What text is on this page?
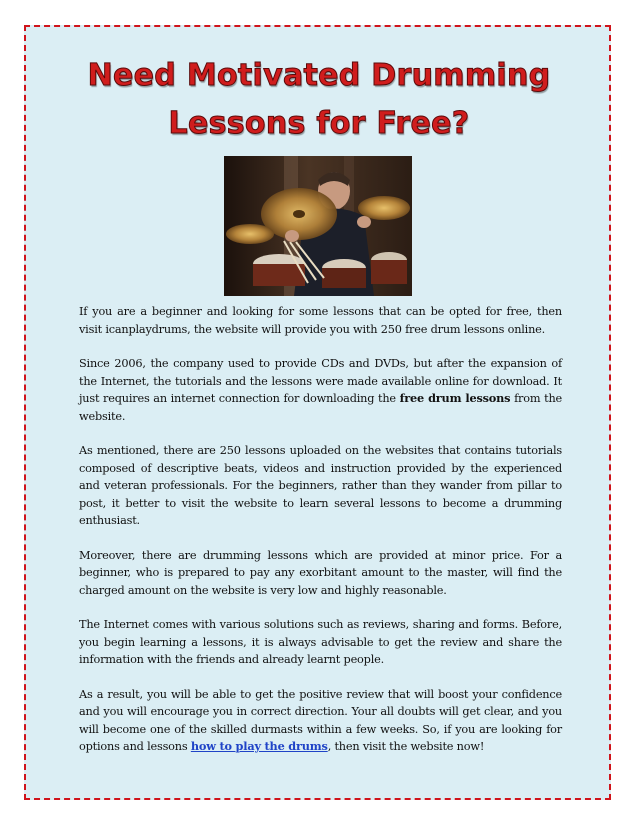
Need Motivated Drumming
Lessons for Free?

If you are a beginner and looking for some lessons that can be opted for free, then visit icanplaydrums, the website will provide you with 250 free drum lessons online.

Since 2006, the company used to provide CDs and DVDs, but after the expansion of the Internet, the tutorials and the lessons were made available online for download. It just requires an internet connection for downloading the free drum lessons from the website.

As mentioned, there are 250 lessons uploaded on the websites that contains tutorials composed of descriptive beats, videos and instruction provided by the experienced and veteran professionals. For the beginners, rather than they wander from pillar to post, it better to visit the website to learn several lessons to become a drumming enthusiast.

Moreover, there are drumming lessons which are provided at minor price. For a beginner, who is prepared to pay any exorbitant amount to the master, will find the charged amount on the website is very low and highly reasonable.

The Internet comes with various solutions such as reviews, sharing and forms. Before, you begin learning a lessons, it is always advisable to get the review and share the information with the friends and already learnt people.

As a result, you will be able to get the positive review that will boost your confidence and you will encourage you in correct direction. Your all doubts will get clear, and you will become one of the skilled durmasts within a few weeks. So, if you are looking for options and lessons how to play the drums, then visit the website now!
